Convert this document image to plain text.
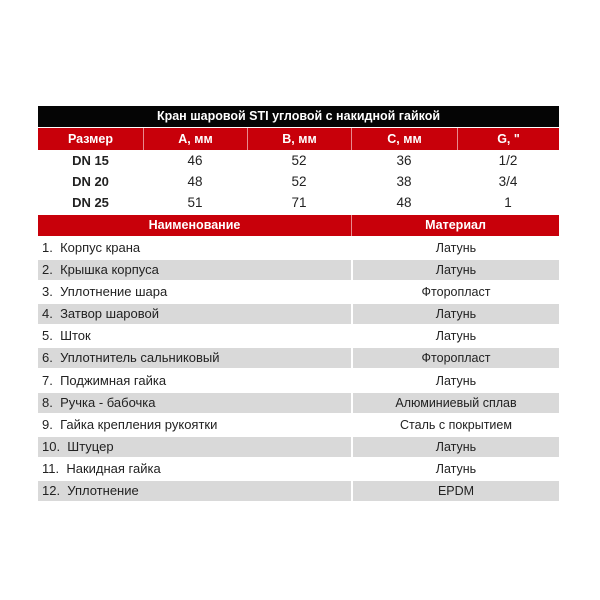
Кран шаровой STI угловой с накидной гайкой
Размер	A, мм	B, мм	C, мм	G, "
DN 15	46	52	36	1/2
DN 20	48	52	38	3/4
DN 25	51	71	48	1
Наименование	Материал
1.  Корпус крана	Латунь
2.  Крышка корпуса	Латунь
3.  Уплотнение шара	Фторопласт
4.  Затвор шаровой	Латунь
5.  Шток	Латунь
6.  Уплотнитель сальниковый	Фторопласт
7.  Поджимная гайка	Латунь
8.  Ручка - бабочка	Алюминиевый сплав
9.  Гайка крепления рукоятки	Сталь с покрытием
10.  Штуцер	Латунь
11.  Накидная гайка	Латунь
12.  Уплотнение	EPDM
